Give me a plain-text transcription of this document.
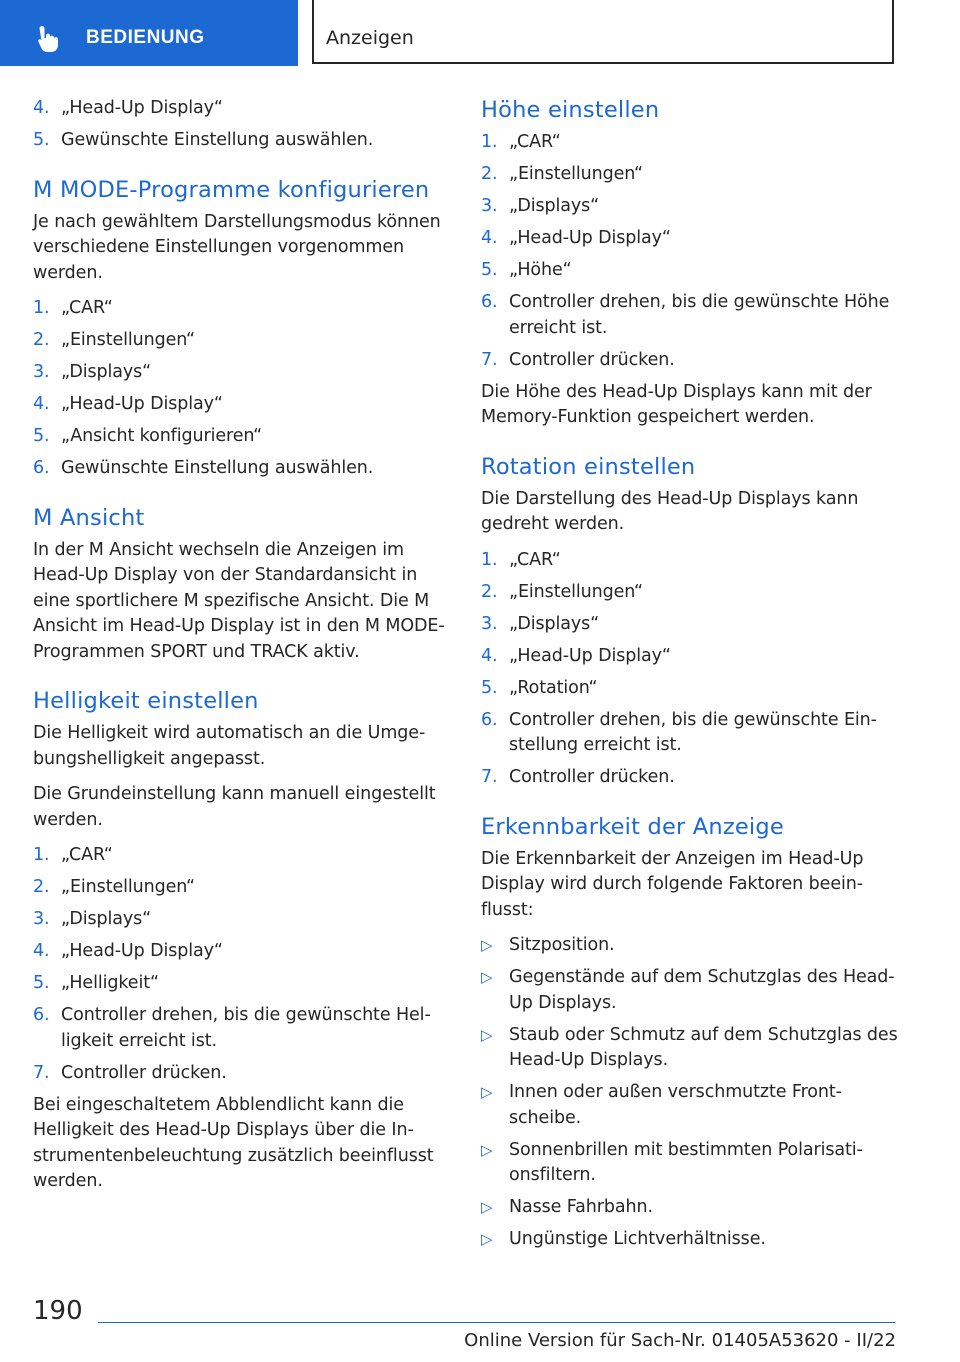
BEDIENUNG	Anzeigen
4. „Head-Up Display“
5. Gewünschte Einstellung auswählen.
M MODE-Programme konfigurieren

Je nach gewähltem Darstellungsmodus können verschiedene Einstellungen vorgenommen werden.

1. „CAR“
2. „Einstellungen“
3. „Displays“
4. „Head-Up Display“
5. „Ansicht konfigurieren“
6. Gewünschte Einstellung auswählen.
M Ansicht

In der M Ansicht wechseln die Anzeigen im Head-Up Display von der Standardansicht in eine sportlichere M spezifische Ansicht. Die M Ansicht im Head-Up Display ist in den M MODE-Programmen SPORT und TRACK aktiv.

Helligkeit einstellen

Die Helligkeit wird automatisch an die Umgebungshelligkeit angepasst.

Die Grundeinstellung kann manuell eingestellt werden.

1. „CAR“
2. „Einstellungen“
3. „Displays“
4. „Head-Up Display“
5. „Helligkeit“
6. Controller drehen, bis die gewünschte Helligkeit erreicht ist.
7. Controller drücken.

Bei eingeschaltetem Abblendlicht kann die Helligkeit des Head-Up Displays über die Instrumentenbeleuchtung zusätzlich beeinflusst werden.

Höhe einstellen
1. „CAR“
2. „Einstellungen“
3. „Displays“
4. „Head-Up Display“
5. „Höhe“
6. Controller drehen, bis die gewünschte Höhe erreicht ist.
7. Controller drücken.

Die Höhe des Head-Up Displays kann mit der Memory-Funktion gespeichert werden.

Rotation einstellen

Die Darstellung des Head-Up Displays kann gedreht werden.

1. „CAR“
2. „Einstellungen“
3. „Displays“
4. „Head-Up Display“
5. „Rotation“
6. Controller drehen, bis die gewünschte Einstellung erreicht ist.
7. Controller drücken.
Erkennbarkeit der Anzeige

Die Erkennbarkeit der Anzeigen im Head-Up Display wird durch folgende Faktoren beeinflusst:

▷ Sitzposition.
▷ Gegenstände auf dem Schutzglas des Head-Up Displays.
▷ Staub oder Schmutz auf dem Schutzglas des Head-Up Displays.
▷ Innen oder außen verschmutzte Frontscheibe.
▷ Sonnenbrillen mit bestimmten Polarisationsfiltern.
▷ Nasse Fahrbahn.
▷ Ungünstige Lichtverhältnisse.
190
Online Version für Sach-Nr. 01405A53620 - II/22
